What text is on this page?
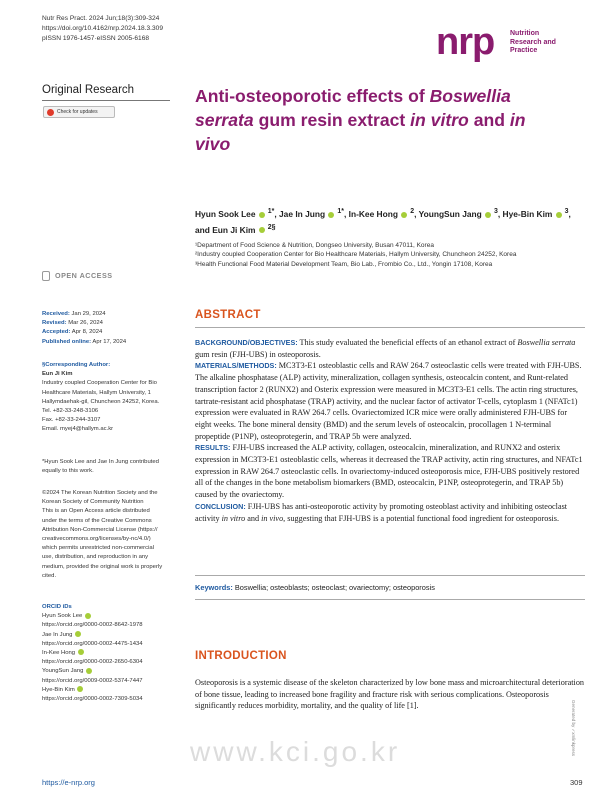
Nutr Res Pract. 2024 Jun;18(3):309-324
https://doi.org/10.4162/nrp.2024.18.3.309
pISSN 1976-1457·eISSN 2005-6168	nrp Nutrition
Research and
Practice
Original Research
Check for updates
Anti-osteoporotic effects of Boswellia serrata gum resin extract in vitro and in vivo
Hyun Sook Lee  $^{1*}$, Jae In Jung  $^{1*}$, In-Kee Hong  $^2$, YoungSun Jang  $^3$, Hye-Bin Kim  $^3$, and Eun Ji Kim  $^{2\S}$
¹Department of Food Science & Nutrition, Dongseo University, Busan 47011, Korea
²Industry coupled Cooperation Center for Bio Healthcare Materials, Hallym University, Chuncheon 24252, Korea
³Health Functional Food Material Development Team, Bio Lab., Frombio Co., Ltd., Yongin 17108, Korea
OPEN ACCESS
Received: Jan 29, 2024
Revised: Mar 26, 2024
Accepted: Apr 8, 2024
Published online: Apr 17, 2024
§Corresponding Author:
Eun Ji Kim
Industry coupled Cooperation Center for Bio
Healthcare Materials, Hallym University, 1
Hallymdaehak-gil, Chuncheon 24252, Korea.
Tel. +82-33-248-3106
Fax. +82-33-244-3107
Email. myej4@hallym.ac.kr
*Hyun Sook Lee and Jae In Jung contributed
equally to this work.
©2024 The Korean Nutrition Society and the
Korean Society of Community Nutrition
This is an Open Access article distributed
under the terms of the Creative Commons
Attribution Non-Commercial License (https://
creativecommons.org/licenses/by-nc/4.0/)
which permits unrestricted non-commercial
use, distribution, and reproduction in any
medium, provided the original work is properly
cited.
ORCID iDs
Hyun Sook Lee
https://orcid.org/0000-0002-8642-1978
Jae In Jung
https://orcid.org/0000-0002-4475-1434
In-Kee Hong
https://orcid.org/0000-0002-2650-6304
YoungSun Jang
https://orcid.org/0009-0002-5374-7447
Hye-Bin Kim
https://orcid.org/0000-0002-7309-5034
ABSTRACT
BACKGROUND/OBJECTIVES: This study evaluated the beneficial effects of an ethanol extract of Boswellia serrata gum resin (FJH-UBS) in osteoporosis.
MATERIALS/METHODS: MC3T3-E1 osteoblastic cells and RAW 264.7 osteoclastic cells were treated with FJH-UBS. The alkaline phosphatase (ALP) activity, mineralization, collagen synthesis, osteocalcin content, and Runt-related transcription factor 2 (RUNX2) and Osterix expression were measured in MC3T3-E1 cells. The actin ring structures, tartrate-resistant acid phosphatase (TRAP) activity, and the nuclear factor of activator T-cells, cytoplasm 1 (NFATc1) expression were evaluated in RAW 264.7 cells. Ovariectomized ICR mice were orally administered FJH-UBS for eight weeks. The bone mineral density (BMD) and the serum levels of osteocalcin, procollagen 1 N-terminal propeptide (P1NP), osteoprotegerin, and TRAP 5b were analyzed.
RESULTS: FJH-UBS increased the ALP activity, collagen, osteocalcin, mineralization, and RUNX2 and osterix expression in MC3T3-E1 osteoblastic cells, whereas it decreased the TRAP activity, actin ring structures, and NFATc1 expression in RAW 264.7 osteoclastic cells. In ovariectomy-induced osteoporosis mice, FJH-UBS positively restored all of the changes in the bone metabolism biomarkers (BMD, osteocalcin, P1NP, osteoprotegerin, and TRAP 5b) caused by the ovariectomy.
CONCLUSION: FJH-UBS has anti-osteoporotic activity by promoting osteoblast activity and inhibiting osteoclast activity in vitro and in vivo, suggesting that FJH-UBS is a potential functional food ingredient for osteoporosis.
Keywords: Boswellia; osteoblasts; osteoclast; ovariectomy; osteoporosis
INTRODUCTION
Osteoporosis is a systemic disease of the skeleton characterized by low bone mass and microarchitectural deterioration of bone tissue, leading to increased bone fragility and fracture risk with serious complications. Osteoporosis significantly reduces morbidity, mortality, and the quality of life [1].
www.kci.go.kr
https://e-nrp.org	309
Generated by ✓xmlinkpress
